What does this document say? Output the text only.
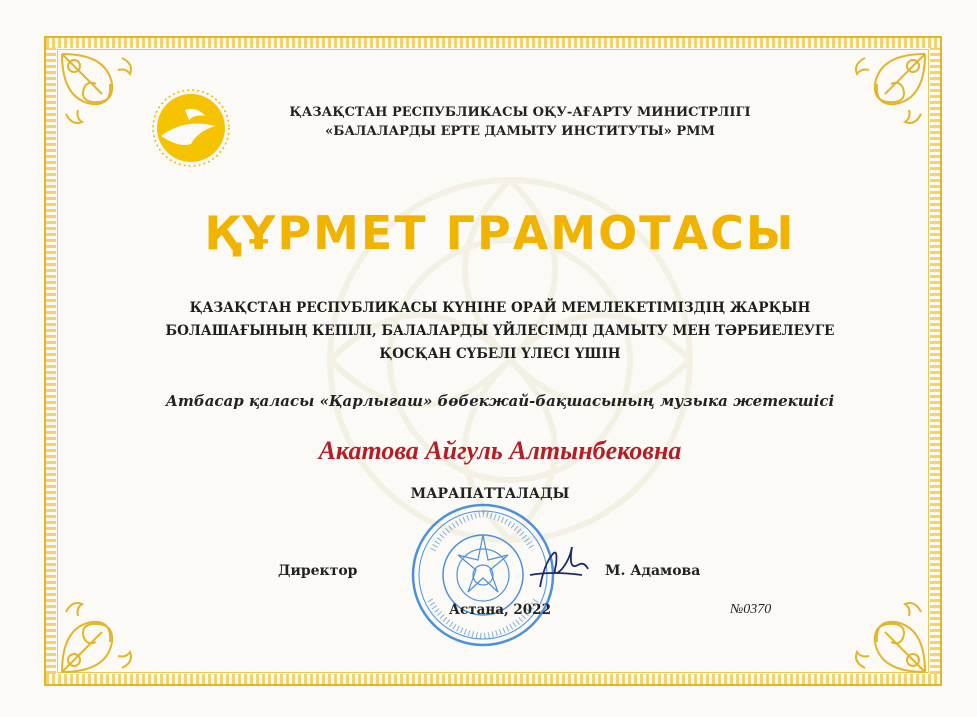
ҚАЗАҚСТАН РЕСПУБЛИКАСЫ ОҚУ-АҒАРТУ МИНИСТРЛІГІ
«БАЛАЛАРДЫ ЕРТЕ ДАМЫТУ ИНСТИТУТЫ» РММ
ҚҰРМЕТ ГРАМОТАСЫ
ҚАЗАҚСТАН РЕСПУБЛИКАСЫ КҮНІНЕ ОРАЙ МЕМЛЕКЕТІМІЗДІҢ ЖАРҚЫН
БОЛАШАҒЫНЫҢ КЕПІЛІ, БАЛАЛАРДЫ ҮЙЛЕСІМДІ ДАМЫТУ МЕН ТӘРБИЕЛЕУГЕ
ҚОСҚАН СҮБЕЛІ ҮЛЕСІ ҮШІН
Атбасар қаласы «Қарлығаш» бөбекжай-бақшасының музыка жетекшісі
Акатова Айгуль Алтынбековна
МАРАПАТТАЛАДЫ
Директор	М. Адамова
Астана, 2022	№0370
